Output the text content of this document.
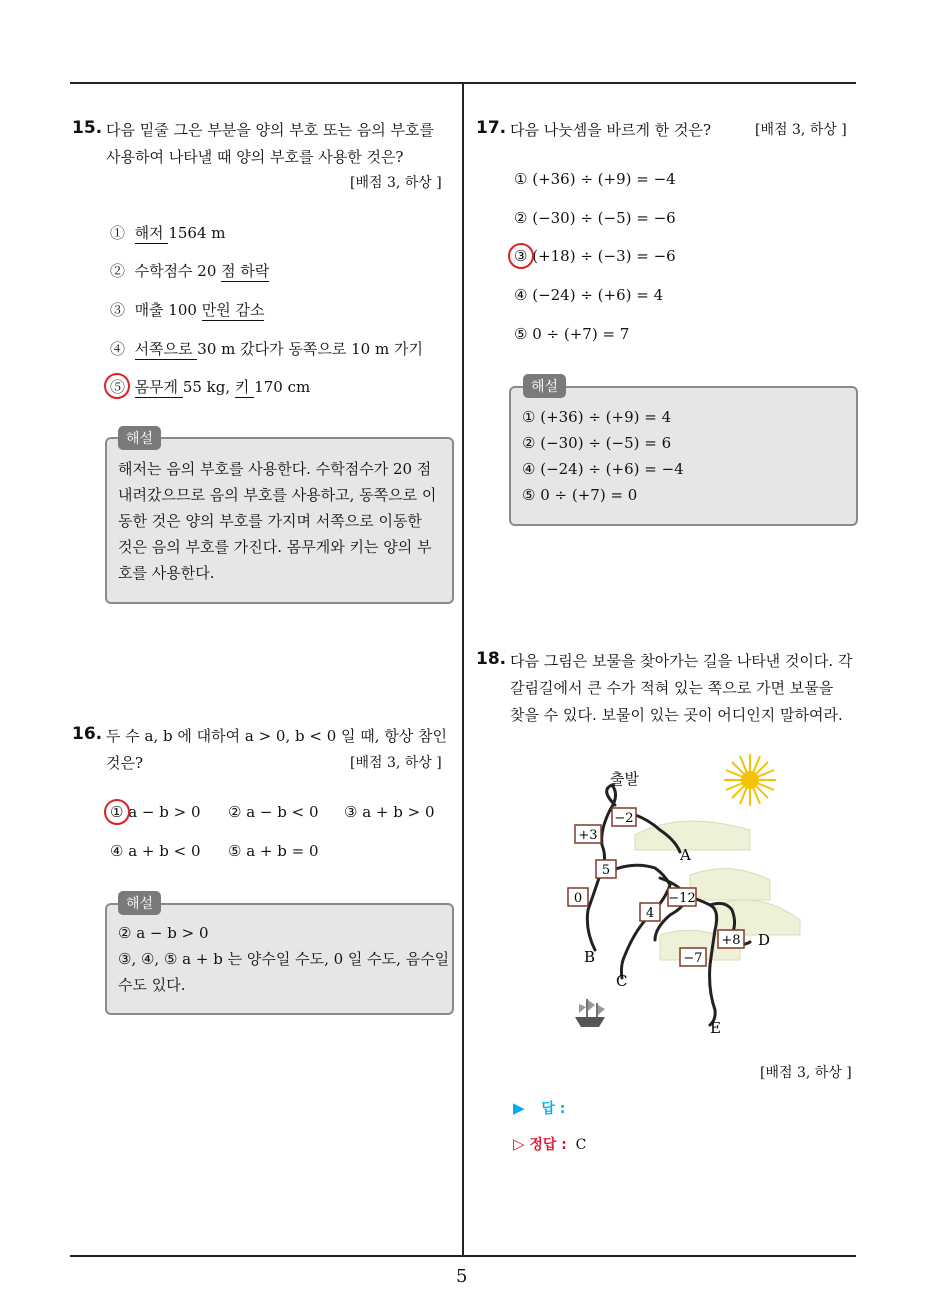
5
15. 다음 밑줄 그은 부분을 양의 부호 또는 음의 부호를
사용하여 나타낼 때 양의 부호를 사용한 것은?
[배점 3, 하상 ]
① 해저 1564 m
② 수학점수 20 점 하락
③ 매출 100 만원 감소
④ 서쪽으로 30 m 갔다가 동쪽으로 10 m 가기
⑤ 몸무게 55 kg, 키 170 cm
해설
해저는 음의 부호를 사용한다. 수학점수가 20 점
내려갔으므로 음의 부호를 사용하고, 동쪽으로 이
동한 것은 양의 부호를 가지며 서쪽으로 이동한
것은 음의 부호를 가진다. 몸무게와 키는 양의 부
호를 사용한다.
16. 두 수 a, b 에 대하여 a > 0, b < 0 일 때, 항상 참인
것은?	[배점 3, 하상 ]
① a − b > 0 ② a − b < 0 ③ a + b > 0
④ a + b < 0 ⑤ a + b = 0
해설
② a − b > 0
③, ④, ⑤ a + b 는 양수일 수도, 0 일 수도, 음수일
수도 있다.
17. 다음 나눗셈을 바르게 한 것은?	[배점 3, 하상 ]
① (+36) ÷ (+9) = −4
② (−30) ÷ (−5) = −6
③ (+18) ÷ (−3) = −6
④ (−24) ÷ (+6) = 4
⑤ 0 ÷ (+7) = 7
해설
① (+36) ÷ (+9) = 4
② (−30) ÷ (−5) = 6
④ (−24) ÷ (+6) = −4
⑤ 0 ÷ (+7) = 0
18. 다음 그림은 보물을 찾아가는 길을 나타낸 것이다. 각
갈림길에서 큰 수가 적혀 있는 쪽으로 가면 보물을
찾을 수 있다. 보물이 있는 곳이 어디인지 말하여라.
−2
+3
5
0
4
−12
+8
−7
출발
A
B
C
D
E
[배점 3, 하상 ]
▶ 답 :
▷ 정답 : C
